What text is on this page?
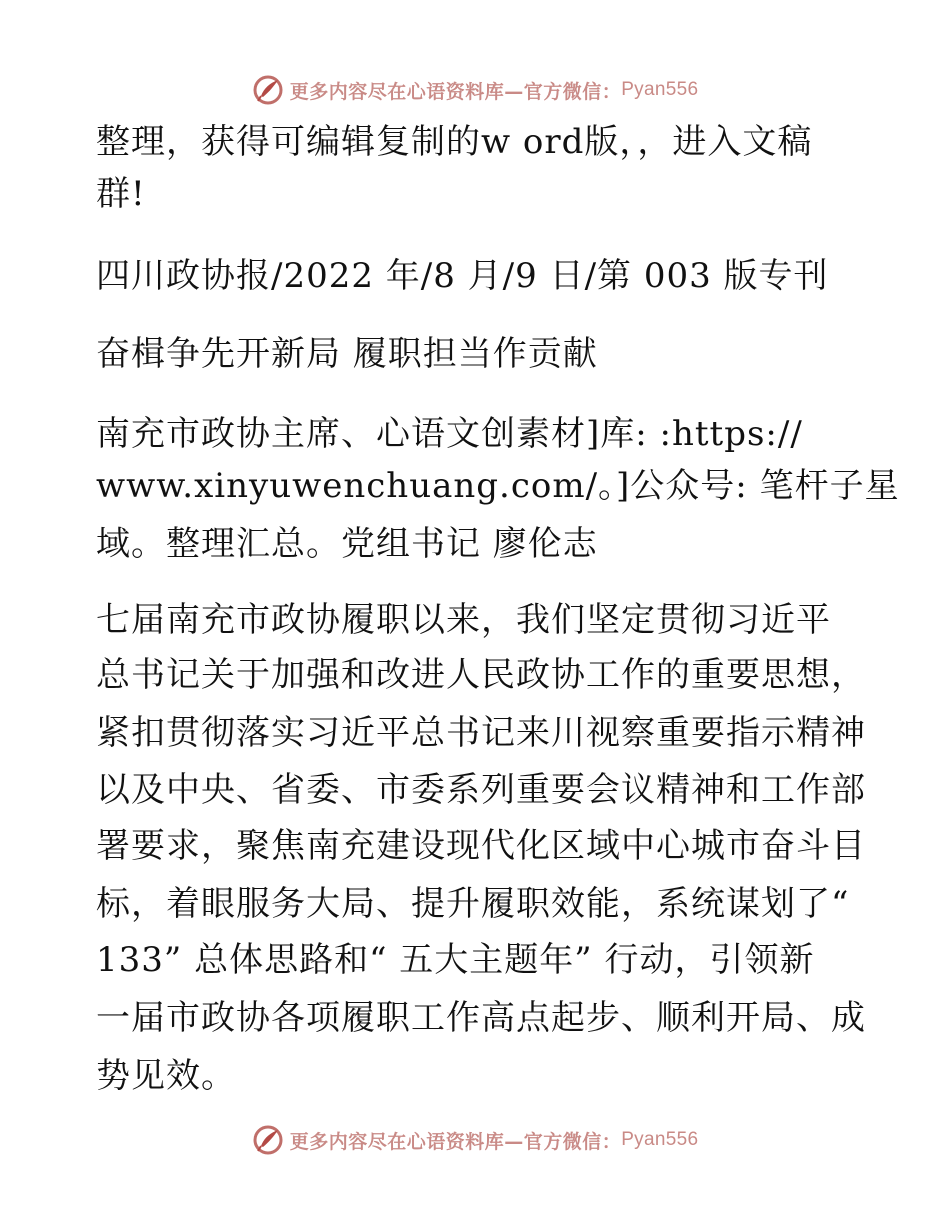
更多内容尽在心语资料库—官方微信： Pyan556
整理，获得可编辑复制的w ord版，，进入文稿
群!
四川政协报/2022 年/8 月/9 日/第 003 版专刊
奋楫争先开新局 履职担当作贡献
南充市政协主席、心语文创素材]库: :https://
www.xinyuwenchuang.com/。]公众号: 笔杆子星
域。整理汇总。党组书记 廖伦志
七届南充市政协履职以来，我们坚定贯彻习近平
总书记关于加强和改进人民政协工作的重要思想，
紧扣贯彻落实习近平总书记来川视察重要指示精神
以及中央、省委、市委系列重要会议精神和工作部
署要求，聚焦南充建设现代化区域中心城市奋斗目
标，着眼服务大局、提升履职效能，系统谋划了“
133” 总体思路和“ 五大主题年” 行动，引领新
一届市政协各项履职工作高点起步、顺利开局、成
势见效。
更多内容尽在心语资料库—官方微信： Pyan556
